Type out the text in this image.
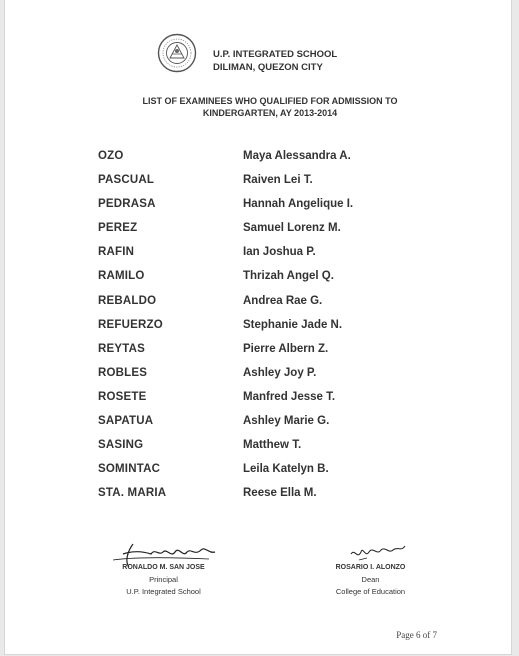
U.P. INTEGRATED SCHOOL
DILIMAN, QUEZON CITY
LIST OF EXAMINEES WHO QUALIFIED FOR ADMISSION TO
KINDERGARTEN, AY 2013-2014
OZO	Maya Alessandra A.
PASCUAL	Raiven Lei T.
PEDRASA	Hannah Angelique I.
PEREZ	Samuel Lorenz M.
RAFIN	Ian Joshua P.
RAMILO	Thrizah Angel Q.
REBALDO	Andrea Rae G.
REFUERZO	Stephanie Jade N.
REYTAS	Pierre Albern Z.
ROBLES	Ashley Joy P.
ROSETE	Manfred Jesse T.
SAPATUA	Ashley Marie G.
SASING	Matthew T.
SOMINTAC	Leila Katelyn B.
STA. MARIA	Reese Ella M.
RONALDO M. SAN JOSE
Principal
U.P. Integrated School
ROSARIO I. ALONZO
Dean
College of Education
Page 6 of 7
